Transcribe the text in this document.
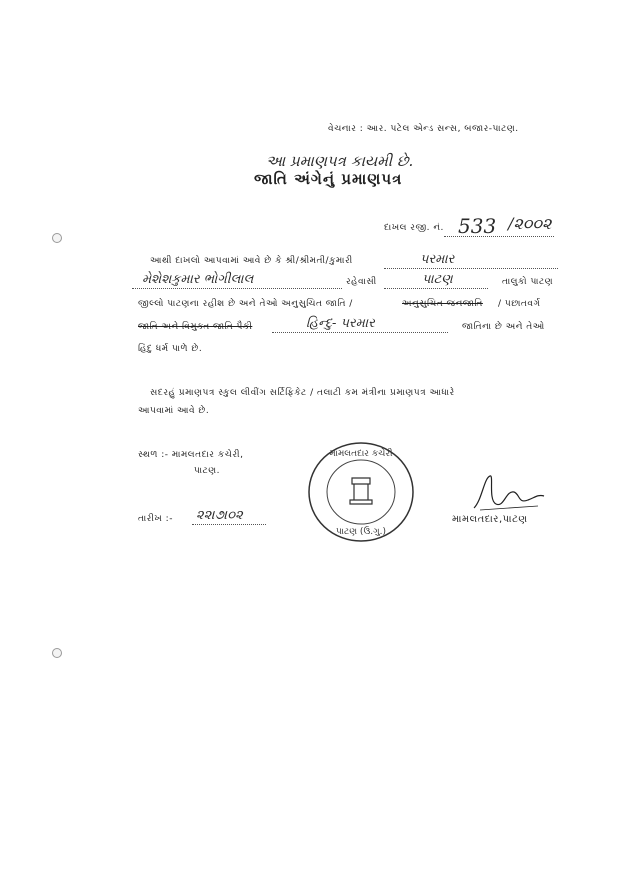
વેચનાર : આર. પટેલ એન્ડ સન્સ, બજાર-પાટણ.
આ પ્રમાણપત્ર કાયમી છે.
જાતિ અંગેનું પ્રમાણપત્ર
દાખલ રજી. નં. 533 /૨૦૦૨
આથી દાખલો આપવામાં આવે છે કે શ્રી/શ્રીમતી/કુમારી	પરમાર
મેશેશકુમાર ભોગીલાલ	રહેવાસી	પાટણ	તાલુકો પાટણ
જીલ્લો પાટણના રહીશ છે અને તેઓ અનુસુચિત જાતિ /	અનુસુચિત જનજાતિ / પછાતવર્ગ
જાતિ અને વિમુક્ત જાતિ પૈકી	હિન્દુ- પરમાર	જાતિના છે અને તેઓ
હિંદુ ધર્મ પાળે છે.
સદરહું પ્રમાણપત્ર સ્કુલ લીવીંગ સર્ટિફિકેટ / તલાટી કમ મંત્રીના પ્રમાણપત્ર આધારે
આપવામાં આવે છે.
સ્થળ :- મામલતદાર કચેરી,
પાટણ.
તારીખ :- ૨૨।૭।૦૨
મામલતદાર કચેરી
પાટણ (ઉ.ગુ.)
મામલતદાર,પાટણ
